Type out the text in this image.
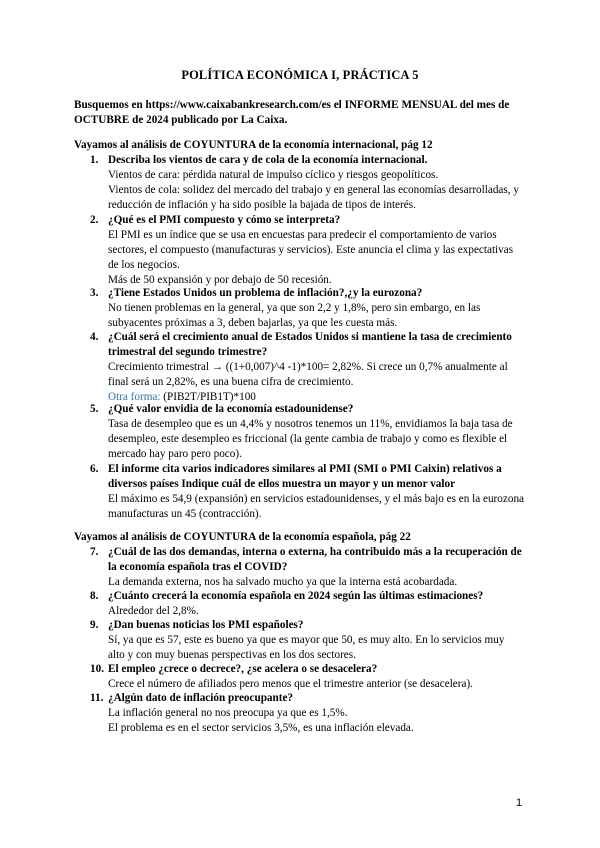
POLÍTICA ECONÓMICA I, PRÁCTICA 5
Busquemos en https://www.caixabankresearch.com/es el INFORME MENSUAL del mes de OCTUBRE de 2024 publicado por La Caixa.
Vayamos al análisis de COYUNTURA de la economía internacional, pág 12
1. Describa los vientos de cara y de cola de la economía internacional.

Vientos de cara: pérdida natural de impulso cíclico y riesgos geopolíticos.

Vientos de cola: solidez del mercado del trabajo y en general las economías desarrolladas, y reducción de inflación y ha sido posible la bajada de tipos de interés.

2. ¿Qué es el PMI compuesto y cómo se interpreta?

El PMI es un índice que se usa en encuestas para predecir el comportamiento de varios sectores, el compuesto (manufacturas y servicios). Este anuncia el clima y las expectativas de los negocios.

Más de 50 expansión y por debajo de 50 recesión.

3. ¿Tiene Estados Unidos un problema de inflación?,¿y la eurozona?

No tienen problemas en la general, ya que son 2,2 y 1,8%, pero sin embargo, en las subyacentes próximas a 3, deben bajarlas, ya que les cuesta más.

4. ¿Cuál será el crecimiento anual de Estados Unidos si mantiene la tasa de crecimiento trimestral del segundo trimestre?

Crecimiento trimestral → ((1+0,007)^4 -1)*100= 2,82%. Si crece un 0,7% anualmente al final será un 2,82%, es una buena cifra de crecimiento.

Otra forma: (PIB2T/PIB1T)*100

5. ¿Qué valor envidia de la economía estadounidense?

Tasa de desempleo que es un 4,4% y nosotros tenemos un 11%, envidiamos la baja tasa de desempleo, este desempleo es friccional (la gente cambia de trabajo y como es flexible el mercado hay paro pero poco).

6. El informe cita varios indicadores similares al PMI (SMI o PMI Caixin) relativos a diversos países Indique cuál de ellos muestra un mayor y un menor valor

El máximo es 54,9 (expansión) en servicios estadounidenses, y el más bajo es en la eurozona manufacturas un 45 (contracción).

Vayamos al análisis de COYUNTURA de la economía española, pág 22
7. ¿Cuál de las dos demandas, interna o externa, ha contribuido más a la recuperación de la economía española tras el COVID?

La demanda externa, nos ha salvado mucho ya que la interna está acobardada.

8. ¿Cuánto crecerá la economía española en 2024 según las últimas estimaciones?

Alrededor del 2,8%.

9. ¿Dan buenas noticias los PMI españoles?

Sí, ya que es 57, este es bueno ya que es mayor que 50, es muy alto. En lo servicios muy alto y con muy buenas perspectivas en los dos sectores.

10. El empleo ¿crece o decrece?, ¿se acelera o se desacelera?

Crece el número de afiliados pero menos que el trimestre anterior (se desacelera).

11. ¿Algún dato de inflación preocupante?

La inflación general no nos preocupa ya que es 1,5%.

El problema es en el sector servicios 3,5%, es una inflación elevada.

1
